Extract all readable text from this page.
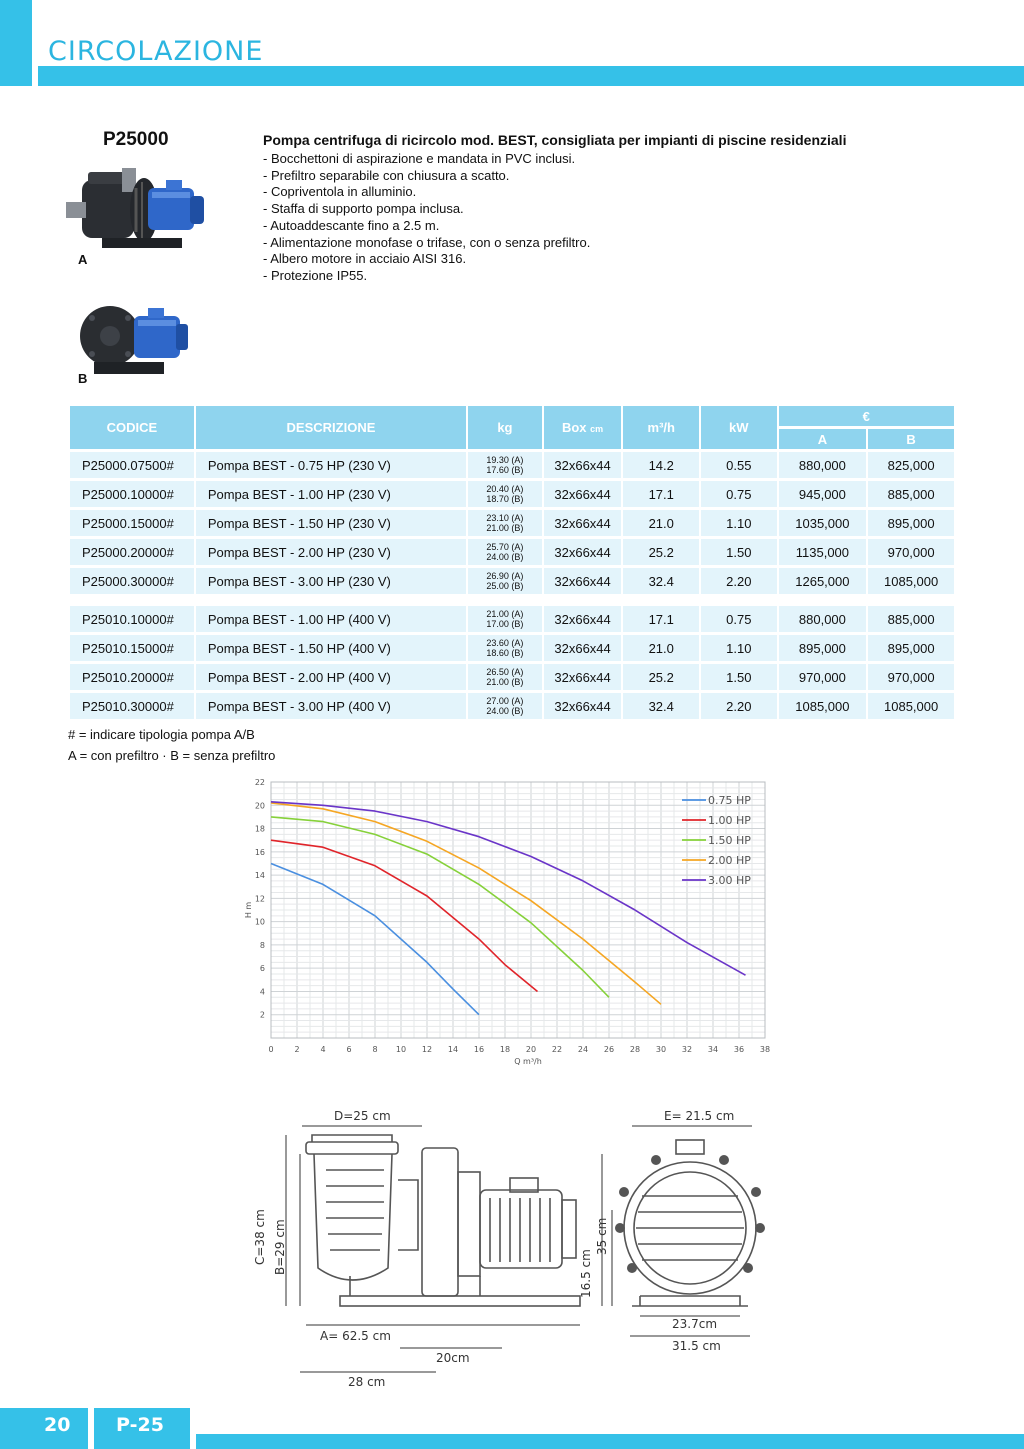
CIRCOLAZIONE
P25000
A
B
Pompa centrifuga di ricircolo mod. BEST, consigliata per impianti di piscine residenziali
- Bocchettoni di aspirazione e mandata in PVC inclusi.
- Prefiltro separabile con chiusura a scatto.
- Copriventola in alluminio.
- Staffa di supporto pompa inclusa.
- Autoaddescante fino a 2.5 m.
- Alimentazione monofase o trifase, con o senza prefiltro.
- Albero motore in acciaio AISI 316.
- Protezione IP55.
CODICE	DESCRIZIONE	kg	Box cm	m³/h	kW	€	
						A	B
P25000.07500#	Pompa BEST - 0.75 HP (230 V)	19.30 (A)
17.60 (B)	32x66x44	14.2	0.55	880,000	825,000
P25000.10000#	Pompa BEST - 1.00 HP (230 V)	20.40 (A)
18.70 (B)	32x66x44	17.1	0.75	945,000	885,000
P25000.15000#	Pompa BEST - 1.50 HP (230 V)	23.10 (A)
21.00 (B)	32x66x44	21.0	1.10	1035,000	895,000
P25000.20000#	Pompa BEST - 2.00 HP (230 V)	25.70 (A)
24.00 (B)	32x66x44	25.2	1.50	1135,000	970,000
P25000.30000#	Pompa BEST - 3.00 HP (230 V)	26.90 (A)
25.00 (B)	32x66x44	32.4	2.20	1265,000	1085,000

P25010.10000#	Pompa BEST - 1.00 HP (400 V)	21.00 (A)
17.00 (B)	32x66x44	17.1	0.75	880,000	885,000
P25010.15000#	Pompa BEST - 1.50 HP (400 V)	23.60 (A)
18.60 (B)	32x66x44	21.0	1.10	895,000	895,000
P25010.20000#	Pompa BEST - 2.00 HP (400 V)	26.50 (A)
21.00 (B)	32x66x44	25.2	1.50	970,000	970,000
P25010.30000#	Pompa BEST - 3.00 HP (400 V)	27.00 (A)
24.00 (B)	32x66x44	32.4	2.20	1085,000	1085,000
# = indicare tipologia pompa A/B
A = con prefiltro · B = senza prefiltro
0	2	4	6	8 10 12 14 16 18 20 22 24 26 28 30 32 34 36 38
2
4
6
8
10
12
14
16
18
20
22
Q m³/h
H m
0.75 HP
1.00 HP
1.50 HP
2.00 HP
3.00 HP
D=25 cm	E= 21.5 cm
C=38 cm B=29 cm	35 cm
16.5 cm
A= 62.5 cm
20cm
28 cm
23.7cm
31.5 cm
20 P-25
